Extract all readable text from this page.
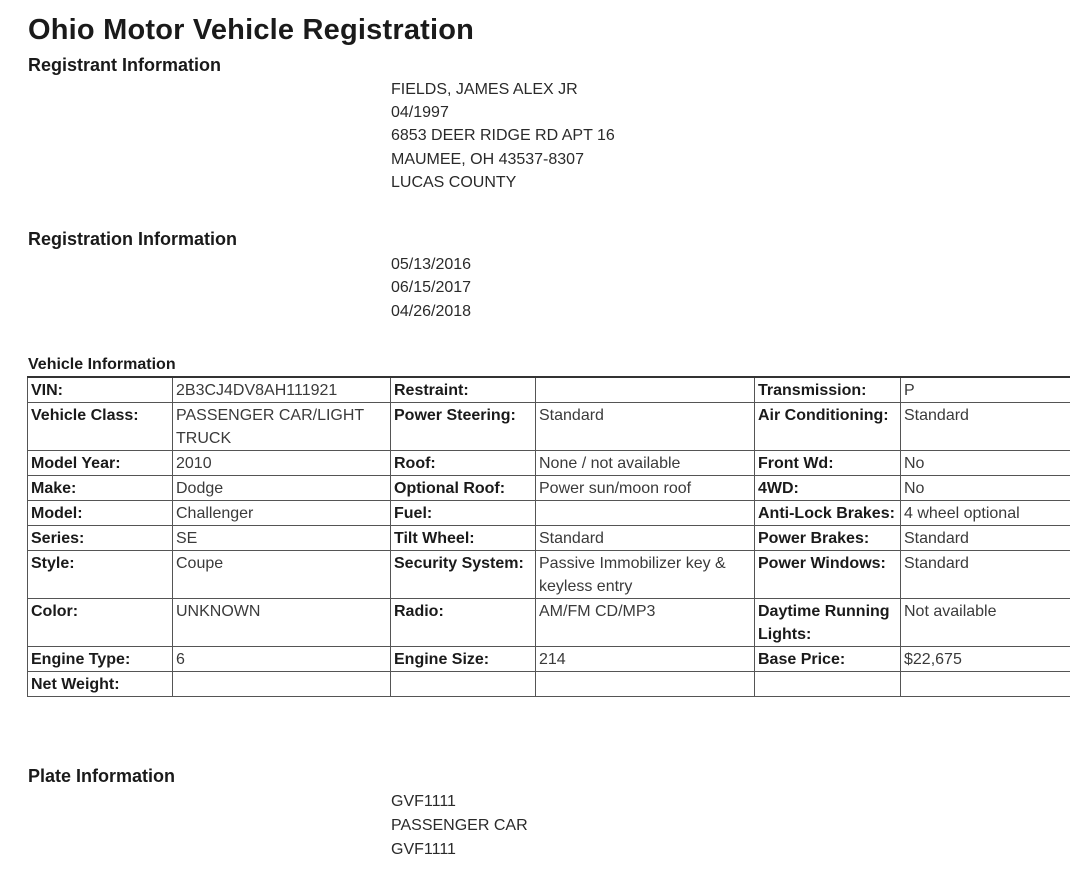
Ohio Motor Vehicle Registration
Registrant Information
FIELDS, JAMES ALEX JR
04/1997
6853 DEER RIDGE RD APT 16
MAUMEE, OH 43537-8307
LUCAS COUNTY
Registration Information
05/13/2016
06/15/2017
04/26/2018
Vehicle Information
VIN:	2B3CJ4DV8AH111921	Restraint:		Transmission:	P
Vehicle Class:	PASSENGER CAR/LIGHT TRUCK	Power Steering:	Standard	Air Conditioning:	Standard
Model Year:	2010	Roof:	None / not available	Front Wd:	No
Make:	Dodge	Optional Roof:	Power sun/moon roof	4WD:	No
Model:	Challenger	Fuel:		Anti-Lock Brakes:	4 wheel optional
Series:	SE	Tilt Wheel:	Standard	Power Brakes:	Standard
Style:	Coupe	Security System:	Passive Immobilizer key & keyless entry	Power Windows:	Standard
Color:	UNKNOWN	Radio:	AM/FM CD/MP3	Daytime Running Lights:	Not available
Engine Type:	6	Engine Size:	214	Base Price:	$22,675
Net Weight:					
Plate Information
GVF1111
PASSENGER CAR
GVF1111
